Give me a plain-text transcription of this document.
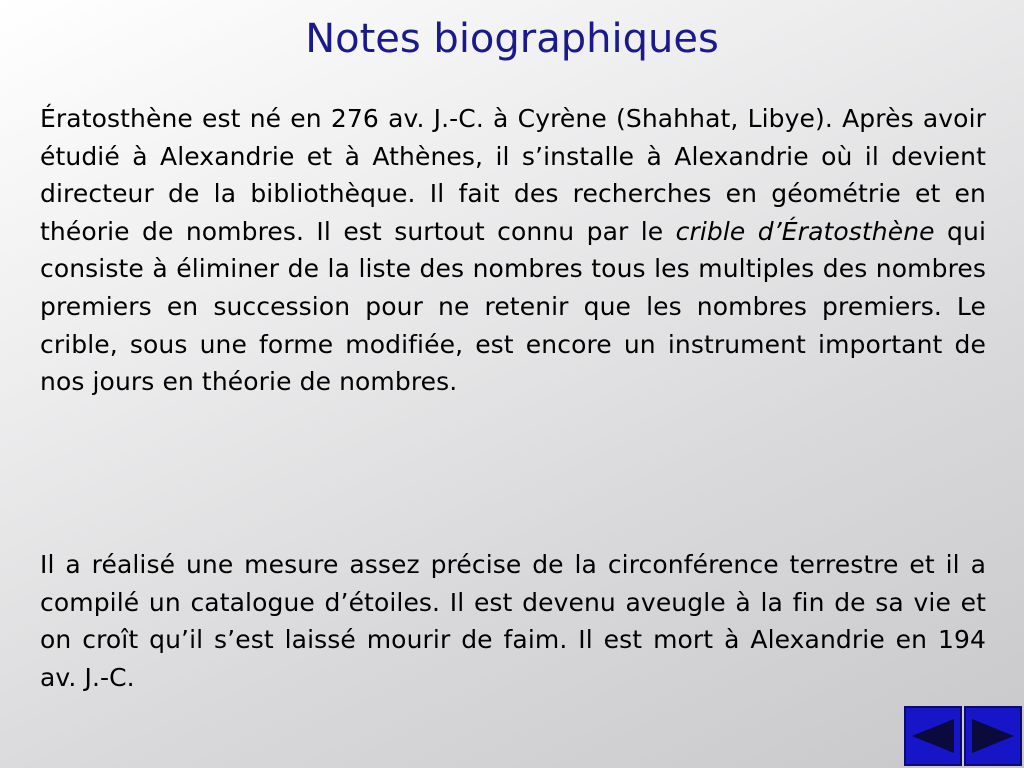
Notes biographiques

Ératosthène est né en 276 av. J.-C. à Cyrène (Shahhat, Libye). Après avoir étudié à Alexandrie et à Athènes, il s’installe à Alexandrie où il devient directeur de la bibliothèque. Il fait des recherches en géométrie et en théorie de nombres. Il est surtout connu par le crible d’Ératosthène qui consiste à éliminer de la liste des nombres tous les multiples des nombres premiers en succession pour ne retenir que les nombres premiers. Le crible, sous une forme modifiée, est encore un instrument important de nos jours en théorie de nombres.

Il a réalisé une mesure assez précise de la circonférence terrestre et il a compilé un catalogue d’étoiles. Il est devenu aveugle à la fin de sa vie et on croît qu’il s’est laissé mourir de faim. Il est mort à Alexandrie en 194 av. J.-C.
